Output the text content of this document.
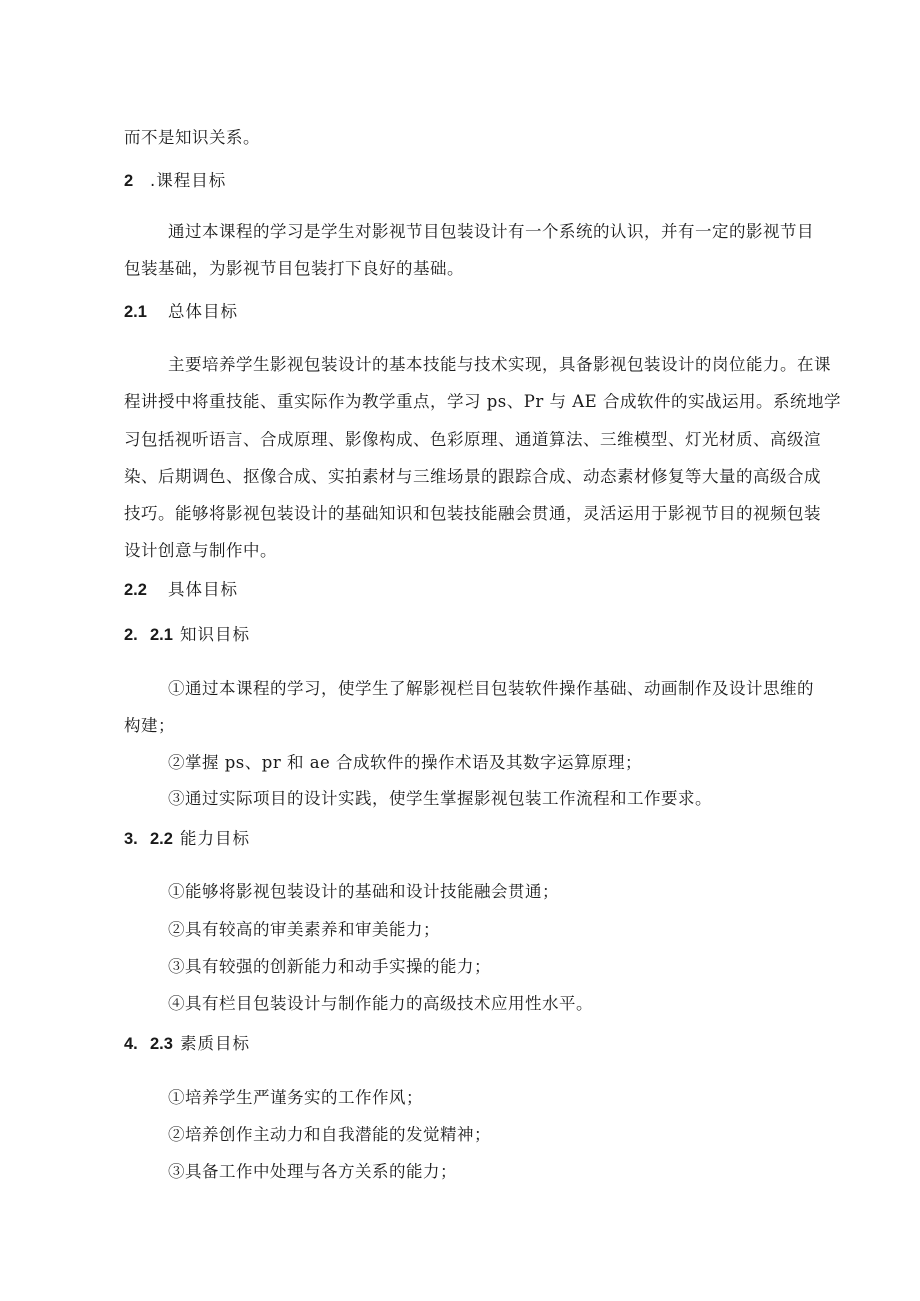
而不是知识关系。
2 .课程目标
通过本课程的学习是学生对影视节目包装设计有一个系统的认识，并有一定的影视节目
包装基础，为影视节目包装打下良好的基础。
2.1 总体目标
主要培养学生影视包装设计的基本技能与技术实现，具备影视包装设计的岗位能力。在课
程讲授中将重技能、重实际作为教学重点，学习 ps、Pr 与 AE 合成软件的实战运用。系统地学
习包括视听语言、合成原理、影像构成、色彩原理、通道算法、三维模型、灯光材质、高级渲
染、后期调色、抠像合成、实拍素材与三维场景的跟踪合成、动态素材修复等大量的高级合成
技巧。能够将影视包装设计的基础知识和包装技能融会贯通，灵活运用于影视节目的视频包装
设计创意与制作中。
2.2 具体目标
2. 2.1 知识目标
①通过本课程的学习，使学生了解影视栏目包装软件操作基础、动画制作及设计思维的
构建；
②掌握 ps、pr 和 ae 合成软件的操作术语及其数字运算原理；
③通过实际项目的设计实践，使学生掌握影视包装工作流程和工作要求。
3. 2.2 能力目标
①能够将影视包装设计的基础和设计技能融会贯通；
②具有较高的审美素养和审美能力；
③具有较强的创新能力和动手实操的能力；
④具有栏目包装设计与制作能力的高级技术应用性水平。
4. 2.3 素质目标
①培养学生严谨务实的工作作风；
②培养创作主动力和自我潜能的发觉精神；
③具备工作中处理与各方关系的能力；
